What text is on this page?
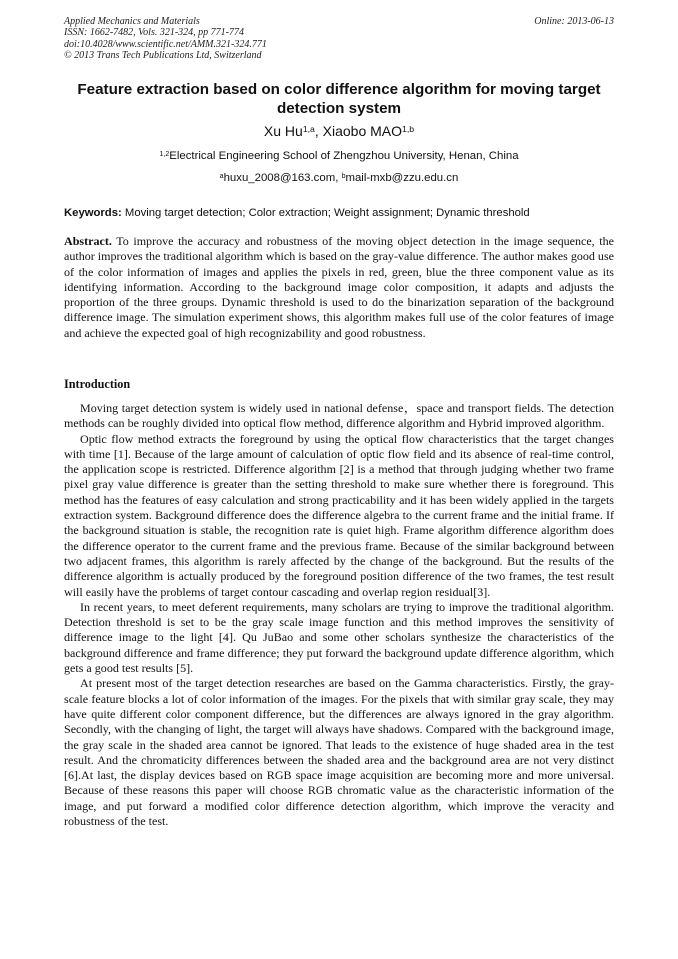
Applied Mechanics and Materials
ISSN: 1662-7482, Vols. 321-324, pp 771-774
doi:10.4028/www.scientific.net/AMM.321-324.771
© 2013 Trans Tech Publications Ltd, Switzerland
Online: 2013-06-13
Feature extraction based on color difference algorithm for moving target detection system
Xu Hu$^{1,a}$, Xiaobo MAO$^{1,b}$
$^{1,2}$Electrical Engineering School of Zhengzhou University, Henan, China
$^a$huxu_2008@163.com, $^b$mail-mxb@zzu.edu.cn
Keywords: Moving target detection; Color extraction; Weight assignment; Dynamic threshold

Abstract. To improve the accuracy and robustness of the moving object detection in the image sequence, the author improves the traditional algorithm which is based on the gray-value difference. The author makes good use of the color information of images and applies the pixels in red, green, blue the three component value as its identifying information. According to the background image color composition, it adapts and adjusts the proportion of the three groups. Dynamic threshold is used to do the binarization separation of the background difference image. The simulation experiment shows, this algorithm makes full use of the color features of image and achieve the expected goal of high recognizability and good robustness.

Introduction

Moving target detection system is widely used in national defense，space and transport fields. The detection methods can be roughly divided into optical flow method, difference algorithm and Hybrid improved algorithm.

Optic flow method extracts the foreground by using the optical flow characteristics that the target changes with time [1]. Because of the large amount of calculation of optic flow field and its absence of real-time control, the application scope is restricted. Difference algorithm [2] is a method that through judging whether two frame pixel gray value difference is greater than the setting threshold to make sure whether there is foreground. This method has the features of easy calculation and strong practicability and it has been widely applied in the targets extraction system. Background difference does the difference algebra to the current frame and the initial frame. If the background situation is stable, the recognition rate is quiet high. Frame algorithm difference algorithm does the difference operator to the current frame and the previous frame. Because of the similar background between two adjacent frames, this algorithm is rarely affected by the change of the background. But the results of the difference algorithm is actually produced by the foreground position difference of the two frames, the test result will easily have the problems of target contour cascading and overlap region residual[3].

In recent years, to meet deferent requirements, many scholars are trying to improve the traditional algorithm. Detection threshold is set to be the gray scale image function and this method improves the sensitivity of difference image to the light [4]. Qu JuBao and some other scholars synthesize the characteristics of the background difference and frame difference; they put forward the background update difference algorithm, which gets a good test results [5].

At present most of the target detection researches are based on the Gamma characteristics. Firstly, the gray-scale feature blocks a lot of color information of the images. For the pixels that with similar gray scale, they may have quite different color component difference, but the differences are always ignored in the gray algorithm. Secondly, with the changing of light, the target will always have shadows. Compared with the background image, the gray scale in the shaded area cannot be ignored. That leads to the existence of huge shaded area in the test result. And the chromaticity differences between the shaded area and the background area are not very distinct [6].At last, the display devices based on RGB space image acquisition are becoming more and more universal. Because of these reasons this paper will choose RGB chromatic value as the characteristic information of the image, and put forward a modified color difference detection algorithm, which improve the veracity and robustness of the test.
